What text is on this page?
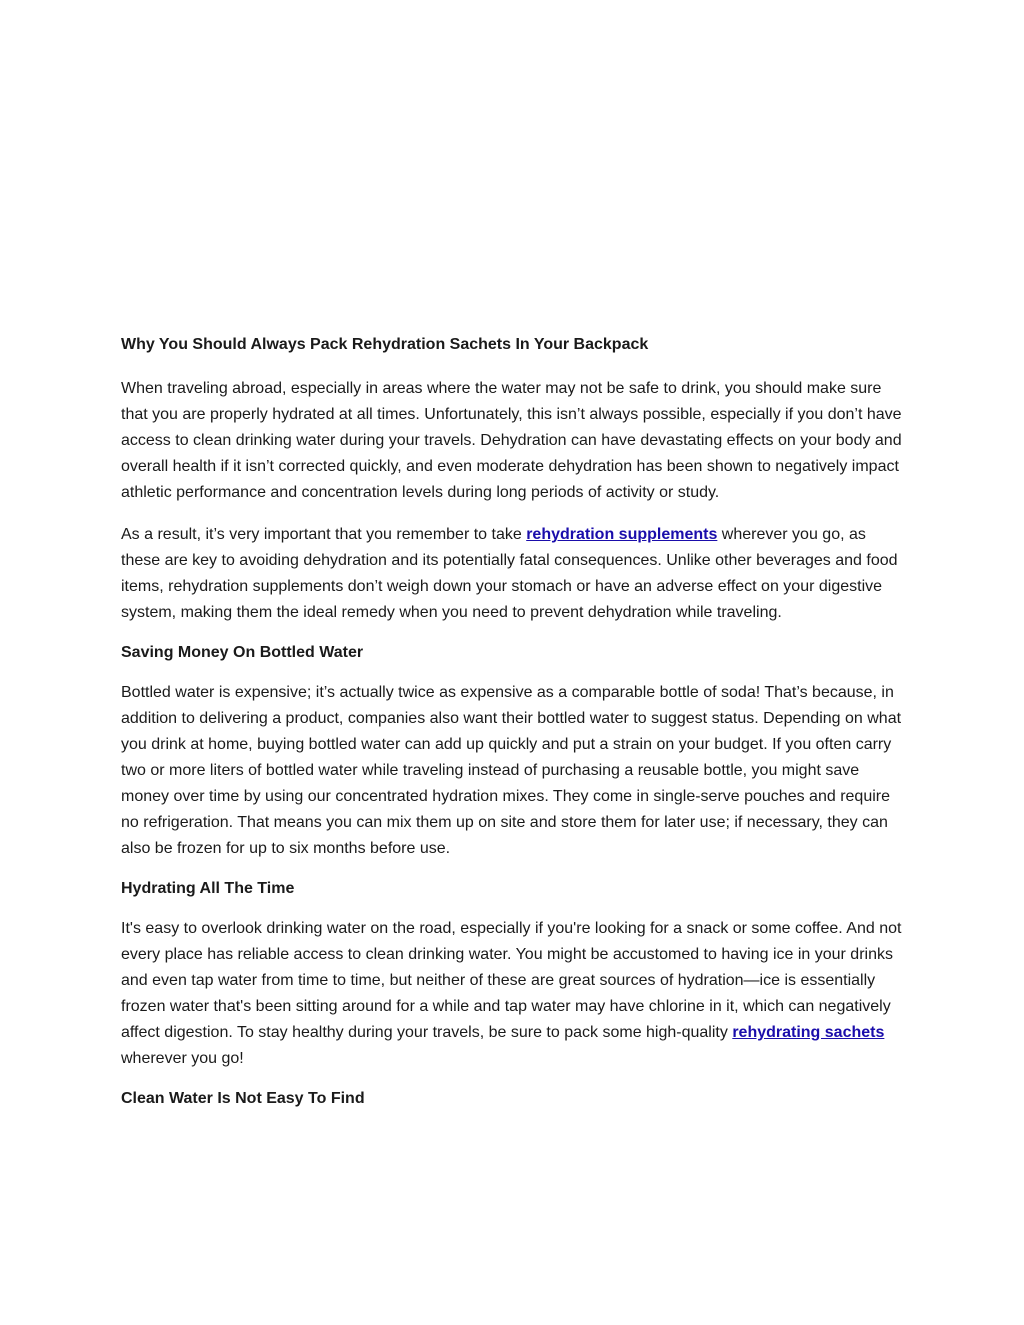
Why You Should Always Pack Rehydration Sachets In Your Backpack

When traveling abroad, especially in areas where the water may not be safe to drink, you should make sure that you are properly hydrated at all times. Unfortunately, this isn’t always possible, especially if you don’t have access to clean drinking water during your travels. Dehydration can have devastating effects on your body and overall health if it isn’t corrected quickly, and even moderate dehydration has been shown to negatively impact athletic performance and concentration levels during long periods of activity or study.

As a result, it’s very important that you remember to take rehydration supplements wherever you go, as these are key to avoiding dehydration and its potentially fatal consequences. Unlike other beverages and food items, rehydration supplements don’t weigh down your stomach or have an adverse effect on your digestive system, making them the ideal remedy when you need to prevent dehydration while traveling.

Saving Money On Bottled Water

Bottled water is expensive; it’s actually twice as expensive as a comparable bottle of soda! That’s because, in addition to delivering a product, companies also want their bottled water to suggest status. Depending on what you drink at home, buying bottled water can add up quickly and put a strain on your budget. If you often carry two or more liters of bottled water while traveling instead of purchasing a reusable bottle, you might save money over time by using our concentrated hydration mixes. They come in single-serve pouches and require no refrigeration. That means you can mix them up on site and store them for later use; if necessary, they can also be frozen for up to six months before use.

Hydrating All The Time

It's easy to overlook drinking water on the road, especially if you're looking for a snack or some coffee. And not every place has reliable access to clean drinking water. You might be accustomed to having ice in your drinks and even tap water from time to time, but neither of these are great sources of hydration—ice is essentially frozen water that's been sitting around for a while and tap water may have chlorine in it, which can negatively affect digestion. To stay healthy during your travels, be sure to pack some high-quality rehydrating sachets wherever you go!

Clean Water Is Not Easy To Find
